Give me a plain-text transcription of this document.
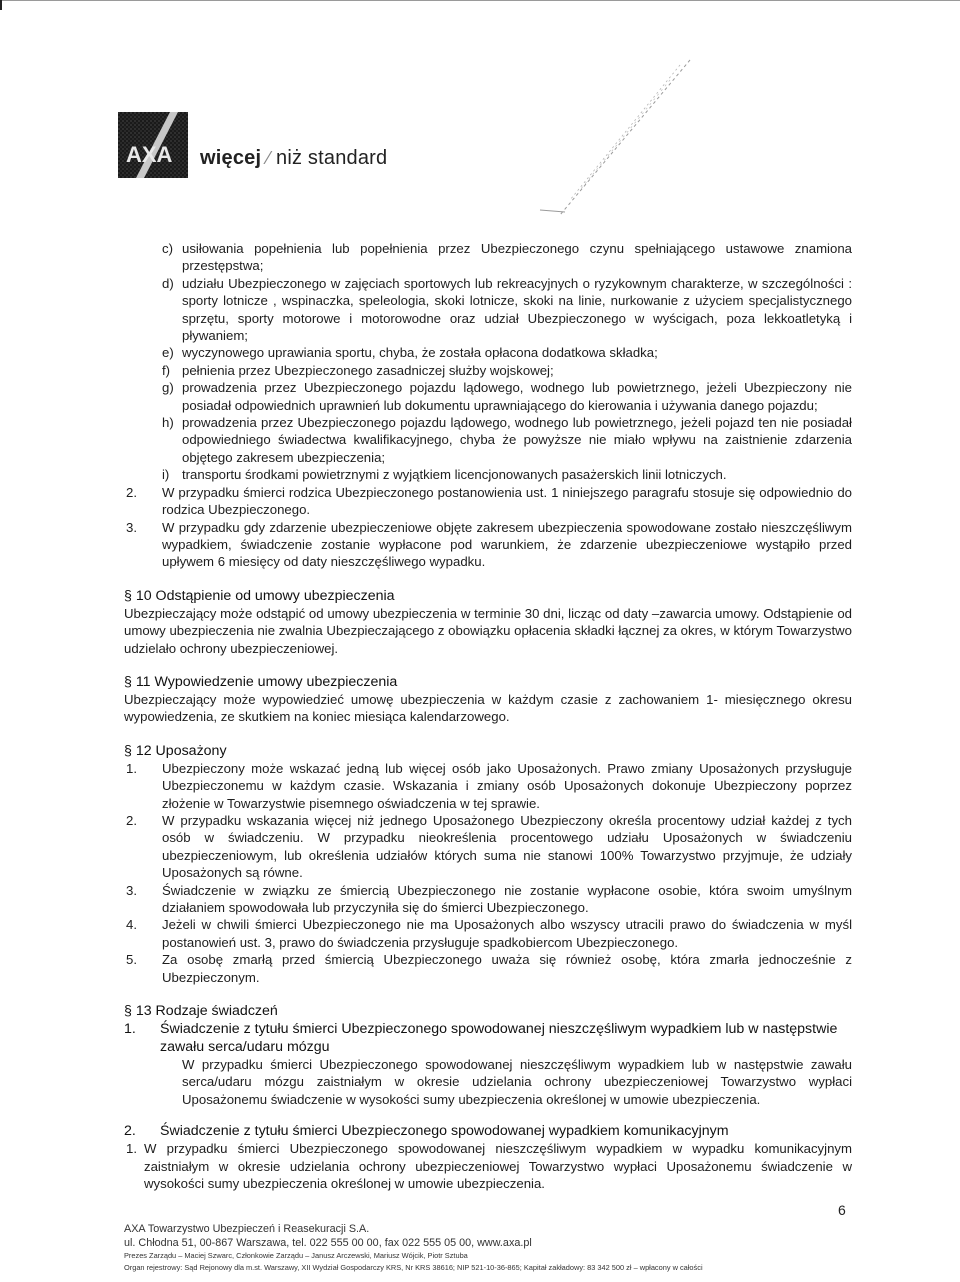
AXA więcej ⁄ niż standard
c) usiłowania popełnienia lub popełnienia przez Ubezpieczonego czynu spełniającego ustawowe znamiona przestępstwa;
d) udziału Ubezpieczonego w zajęciach sportowych lub rekreacyjnych o ryzykownym charakterze, w szczególności : sporty lotnicze , wspinaczka, speleologia, skoki lotnicze, skoki na linie, nurkowanie z użyciem specjalistycznego sprzętu, sporty motorowe i motorowodne oraz udział Ubezpieczonego w wyścigach, poza lekkoatletyką i pływaniem;
e) wyczynowego uprawiania sportu, chyba, że została opłacona dodatkowa składka;
f) pełnienia przez Ubezpieczonego zasadniczej służby wojskowej;
g) prowadzenia przez Ubezpieczonego pojazdu lądowego, wodnego lub powietrznego, jeżeli Ubezpieczony nie posiadał odpowiednich uprawnień lub dokumentu uprawniającego do kierowania i używania danego pojazdu;
h) prowadzenia przez Ubezpieczonego pojazdu lądowego, wodnego lub powietrznego, jeżeli pojazd ten nie posiadał odpowiedniego świadectwa kwalifikacyjnego, chyba że powyższe nie miało wpływu na zaistnienie zdarzenia objętego zakresem ubezpieczenia;
i) transportu środkami powietrznymi z wyjątkiem licencjonowanych pasażerskich linii lotniczych.
2.	W przypadku śmierci rodzica Ubezpieczonego postanowienia ust. 1 niniejszego paragrafu stosuje się odpowiednio do rodzica Ubezpieczonego.
3.	W przypadku gdy zdarzenie ubezpieczeniowe objęte zakresem ubezpieczenia spowodowane zostało nieszczęśliwym wypadkiem, świadczenie zostanie wypłacone pod warunkiem, że zdarzenie ubezpieczeniowe wystąpiło przed upływem 6 miesięcy od daty nieszczęśliwego wypadku.
§ 10 Odstąpienie od umowy ubezpieczenia

Ubezpieczający może odstąpić od umowy ubezpieczenia w terminie 30 dni, licząc od daty –zawarcia umowy. Odstąpienie od umowy ubezpieczenia nie zwalnia Ubezpieczającego z obowiązku opłacenia składki łącznej za okres, w którym Towarzystwo udzielało ochrony ubezpieczeniowej.

§ 11 Wypowiedzenie umowy ubezpieczenia

Ubezpieczający może wypowiedzieć umowę ubezpieczenia w każdym czasie z zachowaniem 1- miesięcznego okresu wypowiedzenia, ze skutkiem na koniec miesiąca kalendarzowego.

§ 12 Uposażony
1.	Ubezpieczony może wskazać jedną lub więcej osób jako Uposażonych. Prawo zmiany Uposażonych przysługuje Ubezpieczonemu w każdym czasie. Wskazania i zmiany osób Uposażonych dokonuje Ubezpieczony poprzez złożenie w Towarzystwie pisemnego oświadczenia w tej sprawie.
2.	W przypadku wskazania więcej niż jednego Uposażonego Ubezpieczony określa procentowy udział każdej z tych osób w świadczeniu. W przypadku nieokreślenia procentowego udziału Uposażonych w świadczeniu ubezpieczeniowym, lub określenia udziałów których suma nie stanowi 100% Towarzystwo przyjmuje, że udziały Uposażonych są równe.
3.	Świadczenie w związku ze śmiercią Ubezpieczonego nie zostanie wypłacone osobie, która swoim umyślnym działaniem spowodowała lub przyczyniła się do śmierci Ubezpieczonego.
4.	Jeżeli w chwili śmierci Ubezpieczonego nie ma Uposażonych albo wszyscy utracili prawo do świadczenia w myśl postanowień ust. 3, prawo do świadczenia przysługuje spadkobiercom Ubezpieczonego.
5.	Za osobę zmarłą przed śmiercią Ubezpieczonego uważa się również osobę, która zmarła jednocześnie z Ubezpieczonym.
§ 13 Rodzaje świadczeń
1.	Świadczenie z tytułu śmierci Ubezpieczonego spowodowanej nieszczęśliwym wypadkiem lub w następstwie zawału serca/udaru mózgu

W przypadku śmierci Ubezpieczonego spowodowanej nieszczęśliwym wypadkiem lub w następstwie zawału serca/udaru mózgu zaistniałym w okresie udzielania ochrony ubezpieczeniowej Towarzystwo wypłaci Uposażonemu świadczenie w wysokości sumy ubezpieczenia określonej w umowie ubezpieczenia.

2.	Świadczenie z tytułu śmierci Ubezpieczonego spowodowanej wypadkiem komunikacyjnym
1. W przypadku śmierci Ubezpieczonego spowodowanej nieszczęśliwym wypadkiem w wypadku komunikacyjnym zaistniałym w okresie udzielania ochrony ubezpieczeniowej Towarzystwo wypłaci Uposażonemu świadczenie w wysokości sumy ubezpieczenia określonej w umowie ubezpieczenia.
6
AXA Towarzystwo Ubezpieczeń i Reasekuracji S.A.
ul. Chłodna 51, 00-867 Warszawa, tel. 022 555 00 00, fax 022 555 05 00, www.axa.pl
Prezes Zarządu – Maciej Szwarc, Członkowie Zarządu – Janusz Arczewski, Mariusz Wójcik, Piotr Sztuba
Organ rejestrowy: Sąd Rejonowy dla m.st. Warszawy, XII Wydział Gospodarczy KRS, Nr KRS 38616; NIP 521-10-36-865; Kapitał zakładowy: 83 342 500 zł – wpłacony w całości
